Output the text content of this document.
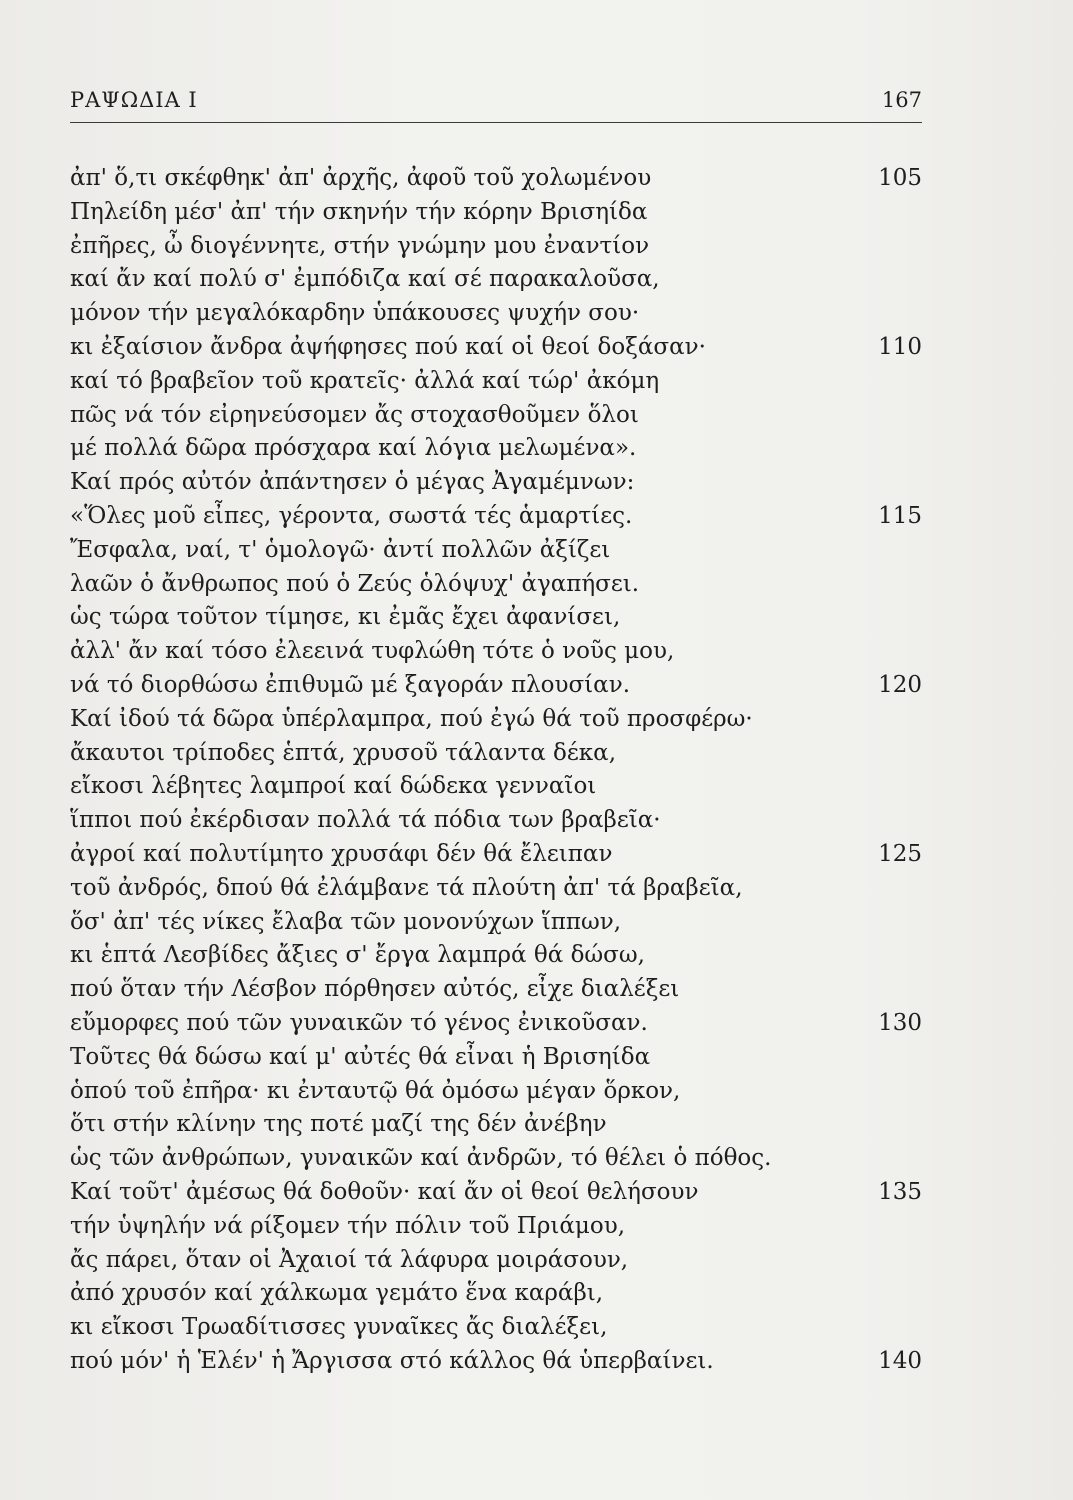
ΡΑΨΩΔΙΑ Ι	167
ἀπ' ὅ,τι σκέφθηκ' ἀπ' ἀρχῆς, ἀφοῦ τοῦ χολωμένου	105
Πηλείδη μέσ' ἀπ' τήν σκηνήν τήν κόρην Βρισηίδα
ἐπῆρες, ὦ διογέννητε, στήν γνώμην μου ἐναντίον
καί ἄν καί πολύ σ' ἐμπόδιζα καί σέ παρακαλοῦσα,
μόνον τήν μεγαλόκαρδην ὑπάκουσες ψυχήν σου·
κι ἐξαίσιον ἄνδρα ἀψήφησες πού καί οἱ θεοί δοξάσαν·	110
καί τό βραβεῖον τοῦ κρατεῖς· ἀλλά καί τώρ' ἀκόμη
πῶς νά τόν εἰρηνεύσομεν ἄς στοχασθοῦμεν ὅλοι
μέ πολλά δῶρα πρόσχαρα καί λόγια μελωμένα».
Καί πρός αὐτόν ἀπάντησεν ὁ μέγας Ἀγαμέμνων:
«Ὅλες μοῦ εἶπες, γέροντα, σωστά τές ἁμαρτίες.	115
Ἔσφαλα, ναί, τ' ὁμολογῶ· ἀντί πολλῶν ἀξίζει
λαῶν ὁ ἄνθρωπος πού ὁ Ζεύς ὁλόψυχ' ἀγαπήσει.
ὡς τώρα τοῦτον τίμησε, κι ἐμᾶς ἔχει ἀφανίσει,
ἀλλ' ἄν καί τόσο ἐλεεινά τυφλώθη τότε ὁ νοῦς μου,
νά τό διορθώσω ἐπιθυμῶ μέ ξαγοράν πλουσίαν.	120
Καί ἰδού τά δῶρα ὑπέρλαμπρα, πού ἐγώ θά τοῦ προσφέρω·
ἄκαυτοι τρίποδες ἑπτά, χρυσοῦ τάλαντα δέκα,
εἴκοσι λέβητες λαμπροί καί δώδεκα γενναῖοι
ἵπποι πού ἐκέρδισαν πολλά τά πόδια των βραβεῖα·
ἀγροί καί πολυτίμητο χρυσάφι δέν θά ἔλειπαν	125
τοῦ ἀνδρός, δπού θά ἐλάμβανε τά πλούτη ἀπ' τά βραβεῖα,
ὅσ' ἀπ' τές νίκες ἔλαβα τῶν μονονύχων ἵππων,
κι ἑπτά Λεσβίδες ἄξιες σ' ἔργα λαμπρά θά δώσω,
πού ὅταν τήν Λέσβον πόρθησεν αὐτός, εἶχε διαλέξει
εὔμορφες πού τῶν γυναικῶν τό γένος ἐνικοῦσαν.	130
Τοῦτες θά δώσω καί μ' αὐτές θά εἶναι ἡ Βρισηίδα
ὁπού τοῦ ἐπῆρα· κι ἐνταυτῷ θά ὀμόσω μέγαν ὅρκον,
ὅτι στήν κλίνην της ποτέ μαζί της δέν ἀνέβην
ὡς τῶν ἀνθρώπων, γυναικῶν καί ἀνδρῶν, τό θέλει ὁ πόθος.
Καί τοῦτ' ἀμέσως θά δοθοῦν· καί ἄν οἱ θεοί θελήσουν	135
τήν ὑψηλήν νά ρίξομεν τήν πόλιν τοῦ Πριάμου,
ἄς πάρει, ὅταν οἱ Ἀχαιοί τά λάφυρα μοιράσουν,
ἀπό χρυσόν καί χάλκωμα γεμάτο ἕνα καράβι,
κι εἴκοσι Τρωαδίτισσες γυναῖκες ἄς διαλέξει,
πού μόν' ἡ Ἑλέν' ἡ Ἄργισσα στό κάλλος θά ὑπερβαίνει.	140
